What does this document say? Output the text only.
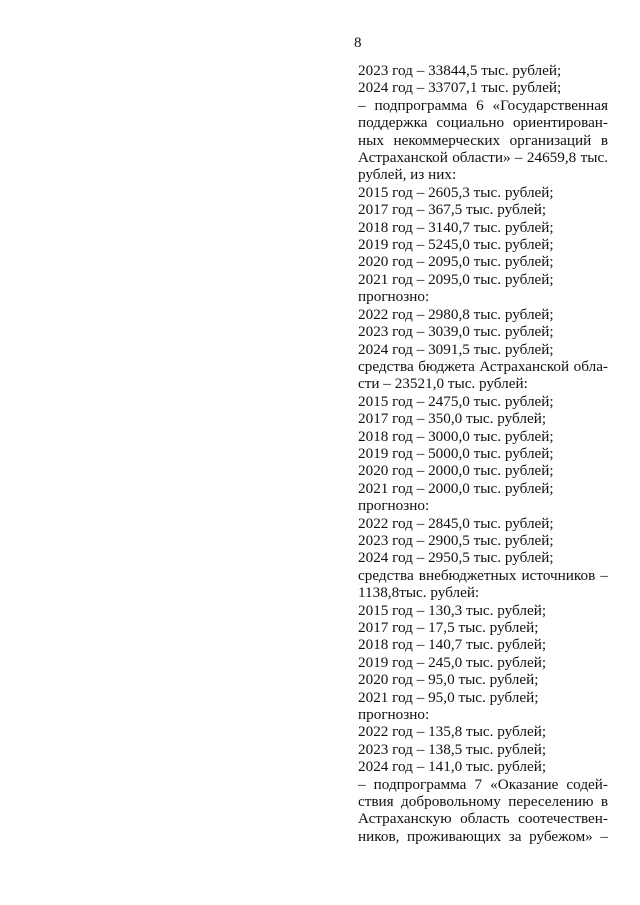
8
2023 год – 33844,5 тыс. рублей;
2024 год – 33707,1 тыс. рублей;
– подпрограмма 6 «Государственная
поддержка социально ориентирован-
ных некоммерческих организаций в
Астраханской области» – 24659,8 тыс.
рублей, из них:
2015 год – 2605,3 тыс. рублей;
2017 год – 367,5 тыс. рублей;
2018 год – 3140,7 тыс. рублей;
2019 год – 5245,0 тыс. рублей;
2020 год – 2095,0 тыс. рублей;
2021 год – 2095,0 тыс. рублей;
прогнозно:
2022 год – 2980,8 тыс. рублей;
2023 год – 3039,0 тыс. рублей;
2024 год – 3091,5 тыс. рублей;
средства бюджета Астраханской обла-
сти – 23521,0 тыс. рублей:
2015 год – 2475,0 тыс. рублей;
2017 год – 350,0 тыс. рублей;
2018 год – 3000,0 тыс. рублей;
2019 год – 5000,0 тыс. рублей;
2020 год – 2000,0 тыс. рублей;
2021 год – 2000,0 тыс. рублей;
прогнозно:
2022 год – 2845,0 тыс. рублей;
2023 год – 2900,5 тыс. рублей;
2024 год – 2950,5 тыс. рублей;
средства внебюджетных источников –
1138,8тыс. рублей:
2015 год – 130,3 тыс. рублей;
2017 год – 17,5 тыс. рублей;
2018 год – 140,7 тыс. рублей;
2019 год – 245,0 тыс. рублей;
2020 год – 95,0 тыс. рублей;
2021 год – 95,0 тыс. рублей;
прогнозно:
2022 год – 135,8 тыс. рублей;
2023 год – 138,5 тыс. рублей;
2024 год – 141,0 тыс. рублей;
– подпрограмма 7 «Оказание содей-
ствия добровольному переселению в
Астраханскую область соотечествен-
ников, проживающих за рубежом» –
